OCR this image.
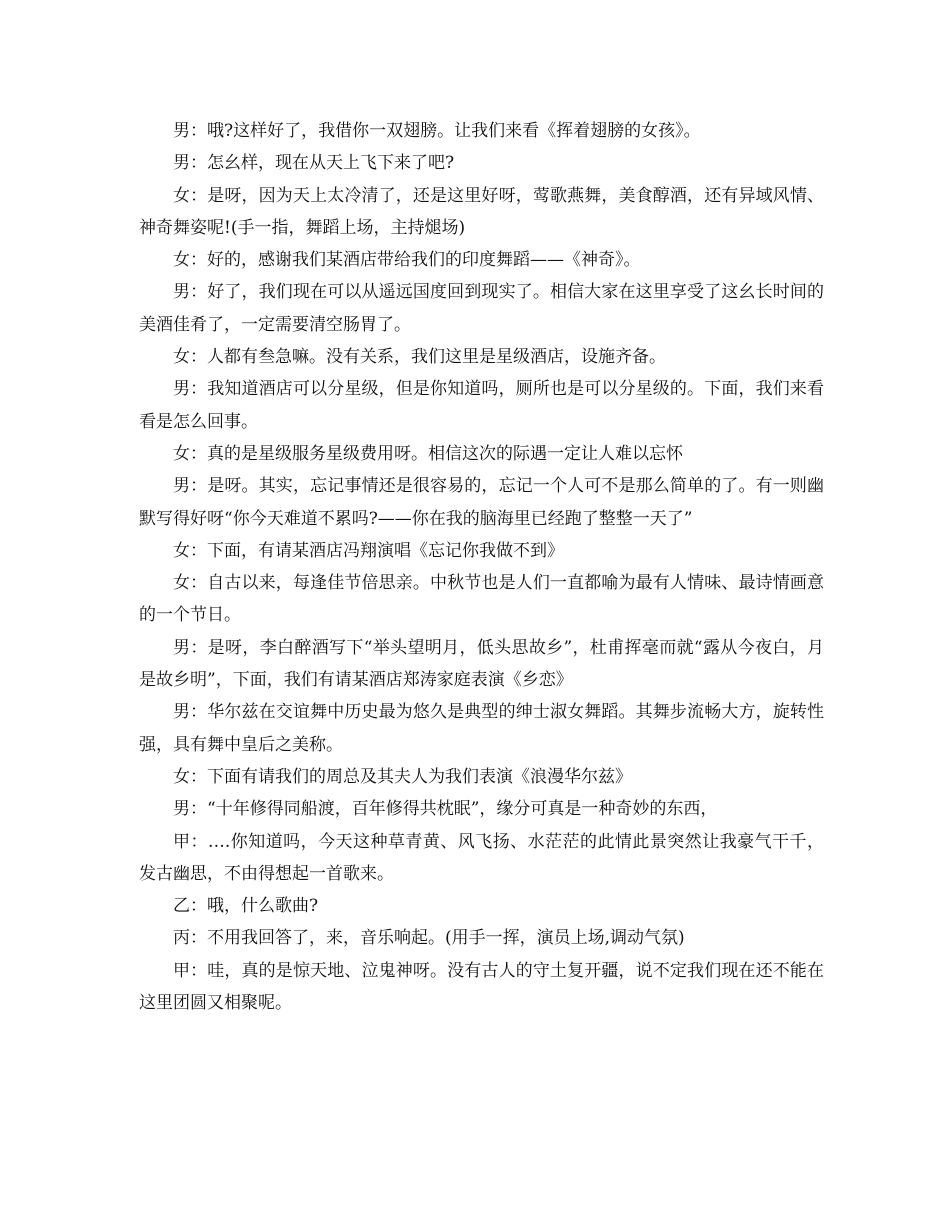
男：哦?这样好了，我借你一双翅膀。让我们来看《挥着翅膀的女孩》。

男：怎幺样，现在从天上飞下来了吧?

女：是呀，因为天上太冷清了，还是这里好呀，莺歌燕舞，美食醇酒，还有异域风情、神奇舞姿呢!(手一指，舞蹈上场，主持煺场)

女：好的，感谢我们某酒店带给我们的印度舞蹈——《神奇》。

男：好了，我们现在可以从遥远国度回到现实了。相信大家在这里享受了这幺长时间的美酒佳肴了，一定需要清空肠胃了。

女：人都有叁急嘛。没有关系，我们这里是星级酒店，设施齐备。

男：我知道酒店可以分星级，但是你知道吗，厕所也是可以分星级的。下面，我们来看看是怎么回事。

女：真的是星级服务星级费用呀。相信这次的际遇一定让人难以忘怀

男：是呀。其实，忘记事情还是很容易的，忘记一个人可不是那么简单的了。有一则幽默写得好呀“你今天难道不累吗?——你在我的脑海里已经跑了整整一天了”

女：下面，有请某酒店冯翔演唱《忘记你我做不到》

女：自古以来，每逢佳节倍思亲。中秋节也是人们一直都喻为最有人情味、最诗情画意的一个节日。

男：是呀，李白醉酒写下“举头望明月，低头思故乡”，杜甫挥毫而就“露从今夜白，月是故乡明”，下面，我们有请某酒店郑涛家庭表演《乡恋》

男：华尔兹在交谊舞中历史最为悠久是典型的绅士淑女舞蹈。其舞步流畅大方，旋转性强，具有舞中皇后之美称。

女：下面有请我们的周总及其夫人为我们表演《浪漫华尔兹》

男：“十年修得同船渡，百年修得共枕眠”，缘分可真是一种奇妙的东西，

甲：….你知道吗，今天这种草青黄、风飞扬、水茫茫的此情此景突然让我豪气干千，发古幽思，不由得想起一首歌来。

乙：哦，什么歌曲?

丙：不用我回答了，来，音乐响起。(用手一挥，演员上场,调动气氛)

甲：哇，真的是惊天地、泣鬼神呀。没有古人的守土复开疆，说不定我们现在还不能在这里团圆又相聚呢。
